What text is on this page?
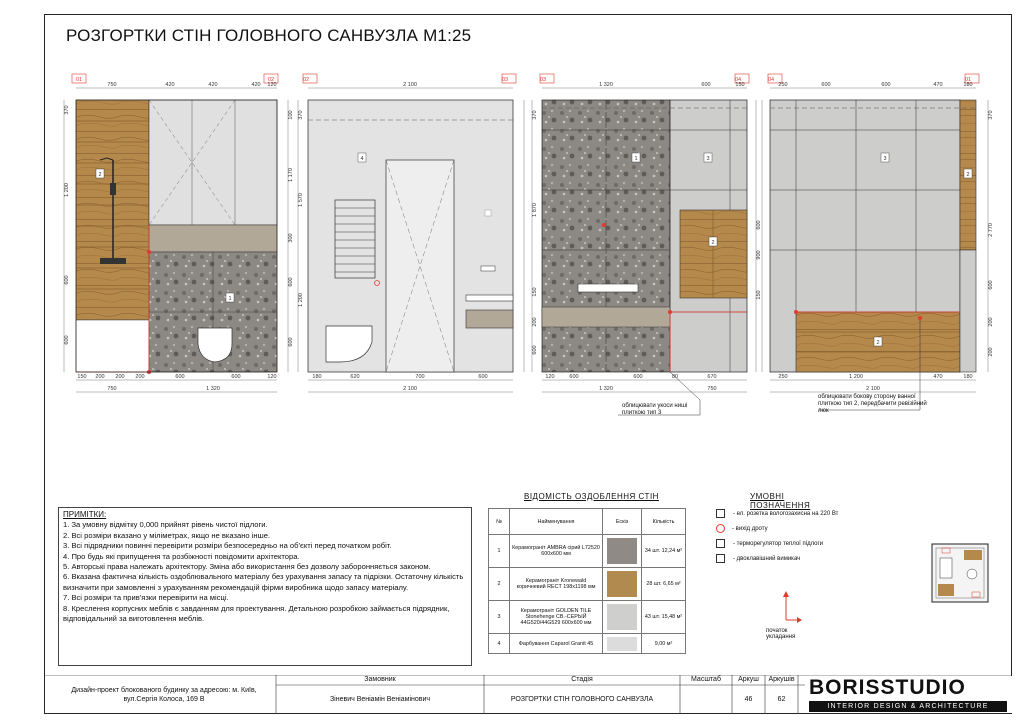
РОЗГОРТКИ СТІН ГОЛОВНОГО САНВУЗЛА М1:25
01	02
750	420	420	420 120
150 200 200 200	600	600	120
750	1 320
370
1 200
600
600
100
1 170
300
600
600
2
1
02	03
2 100
180	620	700	600
2 100
370
1 570
1 200
4
03	04
1 320	600	150
120	600	600	80	670
1 320	750
370
1 870
150
200
600
600
900
150
1	3
2
04	01
250	600	600	470	180
250	1 200	470	180
2 100
370
2 770
600
200
200
3
2
2
облицювати укоси ниші плиткою тип 3
облицювати бокову сторону ванної плиткою тип 2, передбачити ревізійний люк

ПРИМІТКИ:

1. За умовну відмітку 0,000 прийнят рівень чистої підлоги.

2. Всі розміри вказано у міліметрах, якщо не вказано інше.

3. Всі підрядники повинні перевірити розміри безпосередньо на об'єкті перед початком робіт.

4. Про будь які припущення та розбіжності повідомити архітектора.

5. Авторські права належать архітектору. Зміна або використання без дозволу заборонняється законом.

6. Вказана фактична кількість оздоблювального матеріалу без урахування запасу та підрізки. Остаточну кількість визначити при замовленні з урахуванням рекомендацій фірми виробника щодо запасу матеріалу.

7. Всі розміри та прив'язки перевірити на місці.

8. Креслення корпусних меблів є завданням для проектування. Детальною розробкою займається підрядник, відповідальний за виготовлення меблів.

ВІДОМІСТЬ ОЗДОБЛЕННЯ СТІН
№	Найменування	Ескіз	Кількість
1	Керамограніт AMBRA сірий L72520 600х600 мм		34 шт. 12,24 м²
2	Керамограніт Kronewald коричневий RECT 198х1198 мм		28 шт. 6,65 м²
3	Керамограніт GOLDEN TILE Stonehenge СВ.-СЕРЫЙ 44G520/44G529 600х600 мм		43 шт. 15,48 м²
4	Фарбування Caparol Granit 45		9,00 м²
УМОВНІ ПОЗНАЧЕННЯ
- ел. розетка вологозахисна на 220 Вт
- вихід дроту
- терморегулятор теплої підлоги
- двоклавішний вимикач
початок укладання
Дизайн-проект блокованого будинку за адресою: м. Київ, вул.Сергія Колоса, 169 В
Замовник
Зіневич Веніамін Веніамінович
Стадія
РОЗГОРТКИ СТІН ГОЛОВНОГО САНВУЗЛА
Масштаб	Аркуш	Аркушів
46	62
BORISSTUDIO
INTERIOR DESIGN & ARCHITECTURE
